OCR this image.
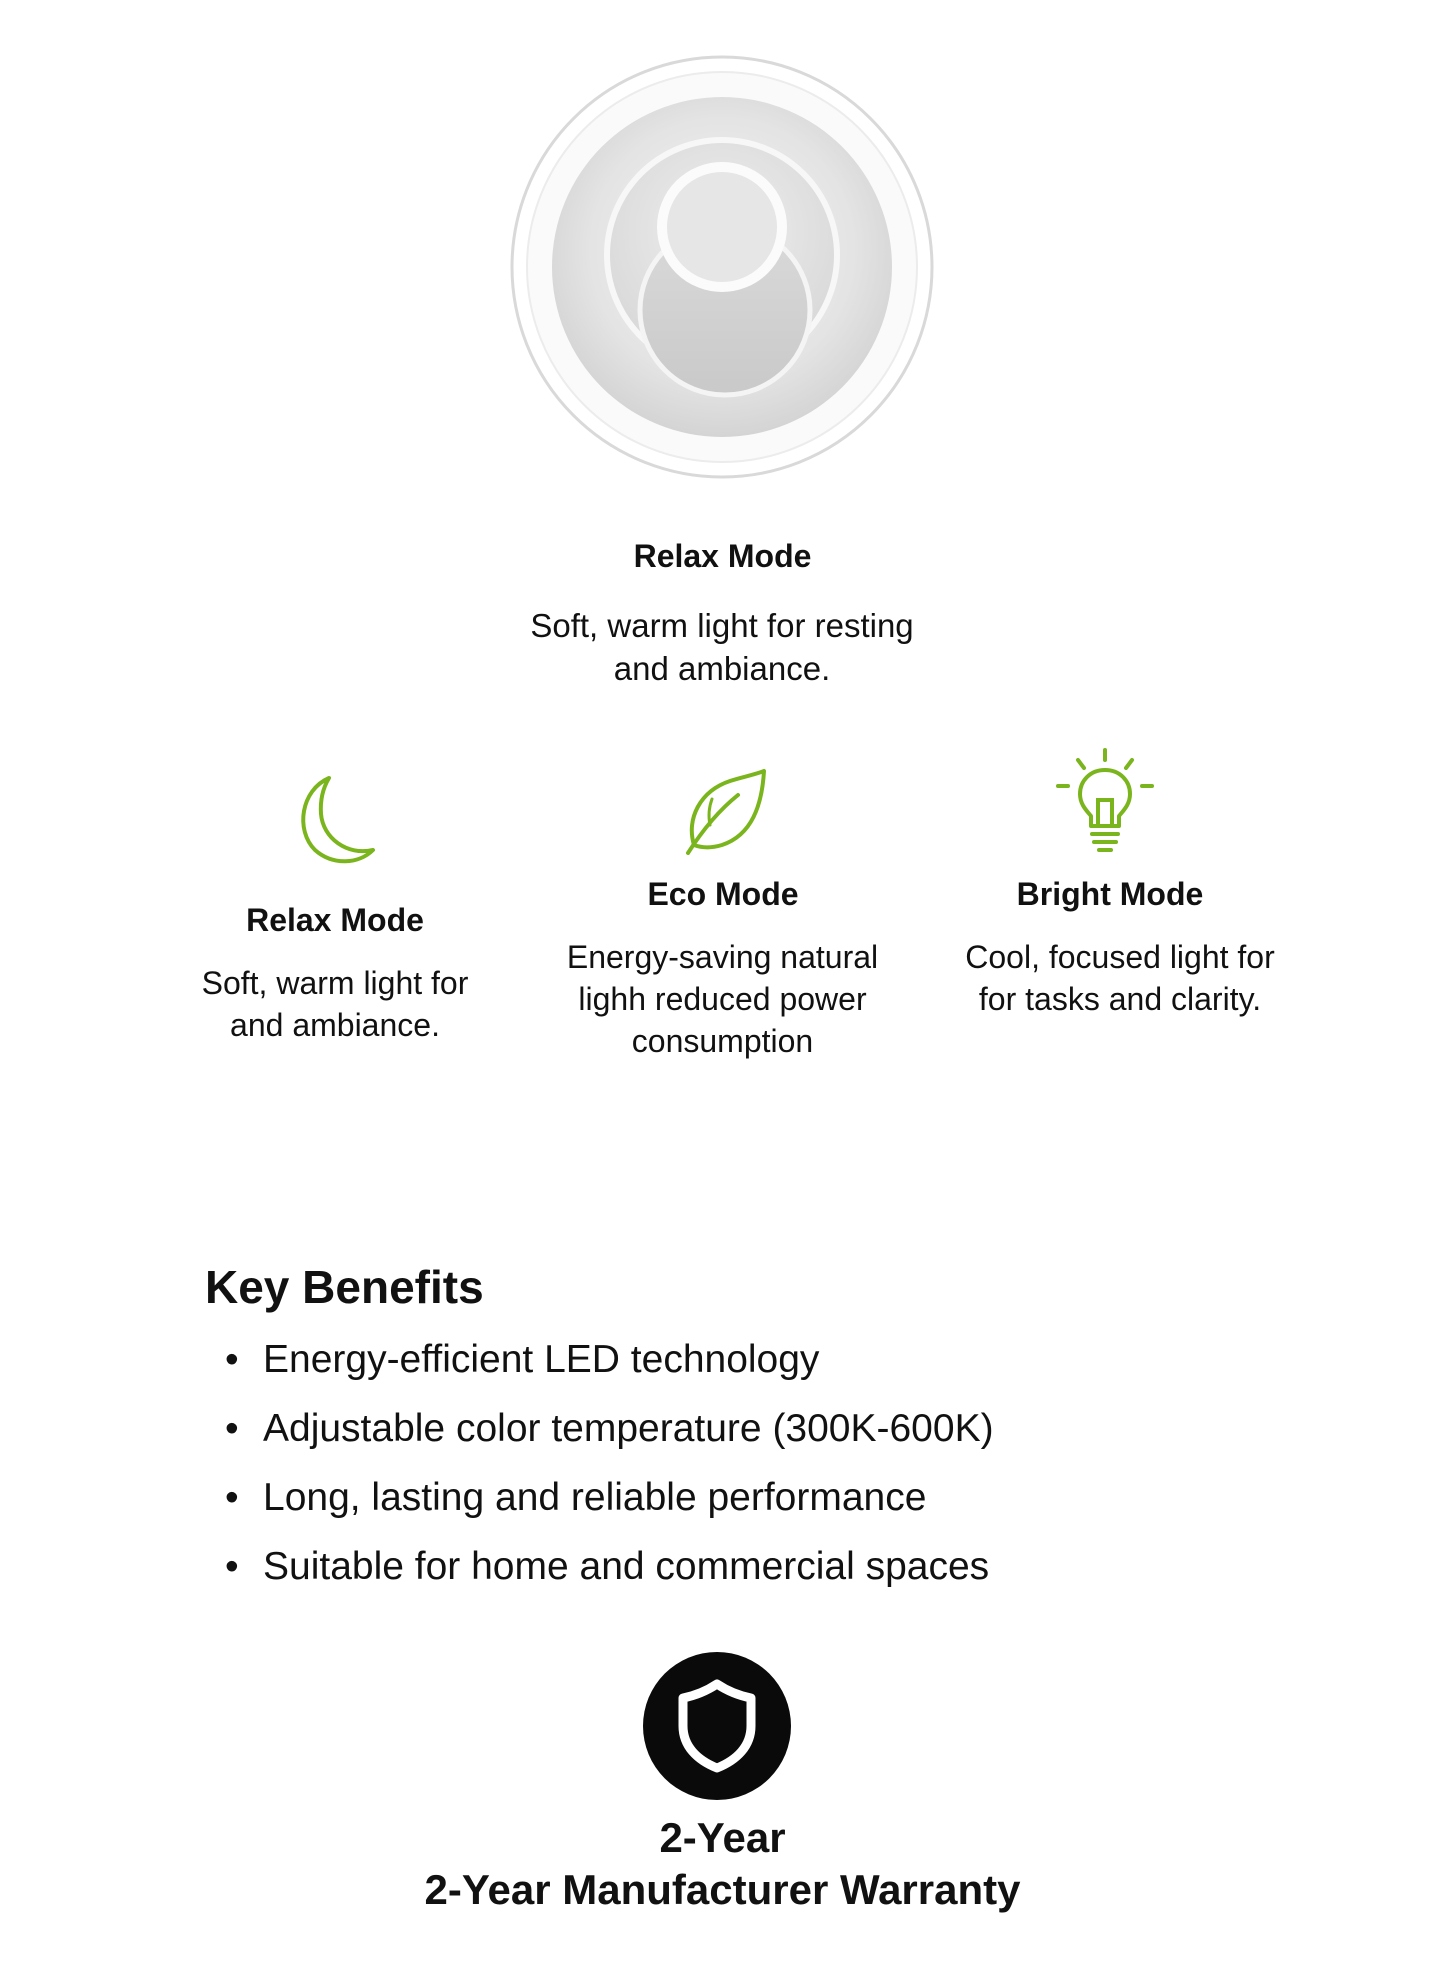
Relax Mode
Soft, warm light for resting
and ambiance.
Relax Mode
Soft, warm light for
and ambiance.
Eco Mode
Energy-saving natural
lighh reduced power
consumption
Bright Mode
Cool, focused light for
for tasks and clarity.
Key Benefits
• Energy-efficient LED technology
• Adjustable color temperature (300K-600K)
• Long, lasting and reliable performance
• Suitable for home and commercial spaces
2-Year
2-Year Manufacturer Warranty
